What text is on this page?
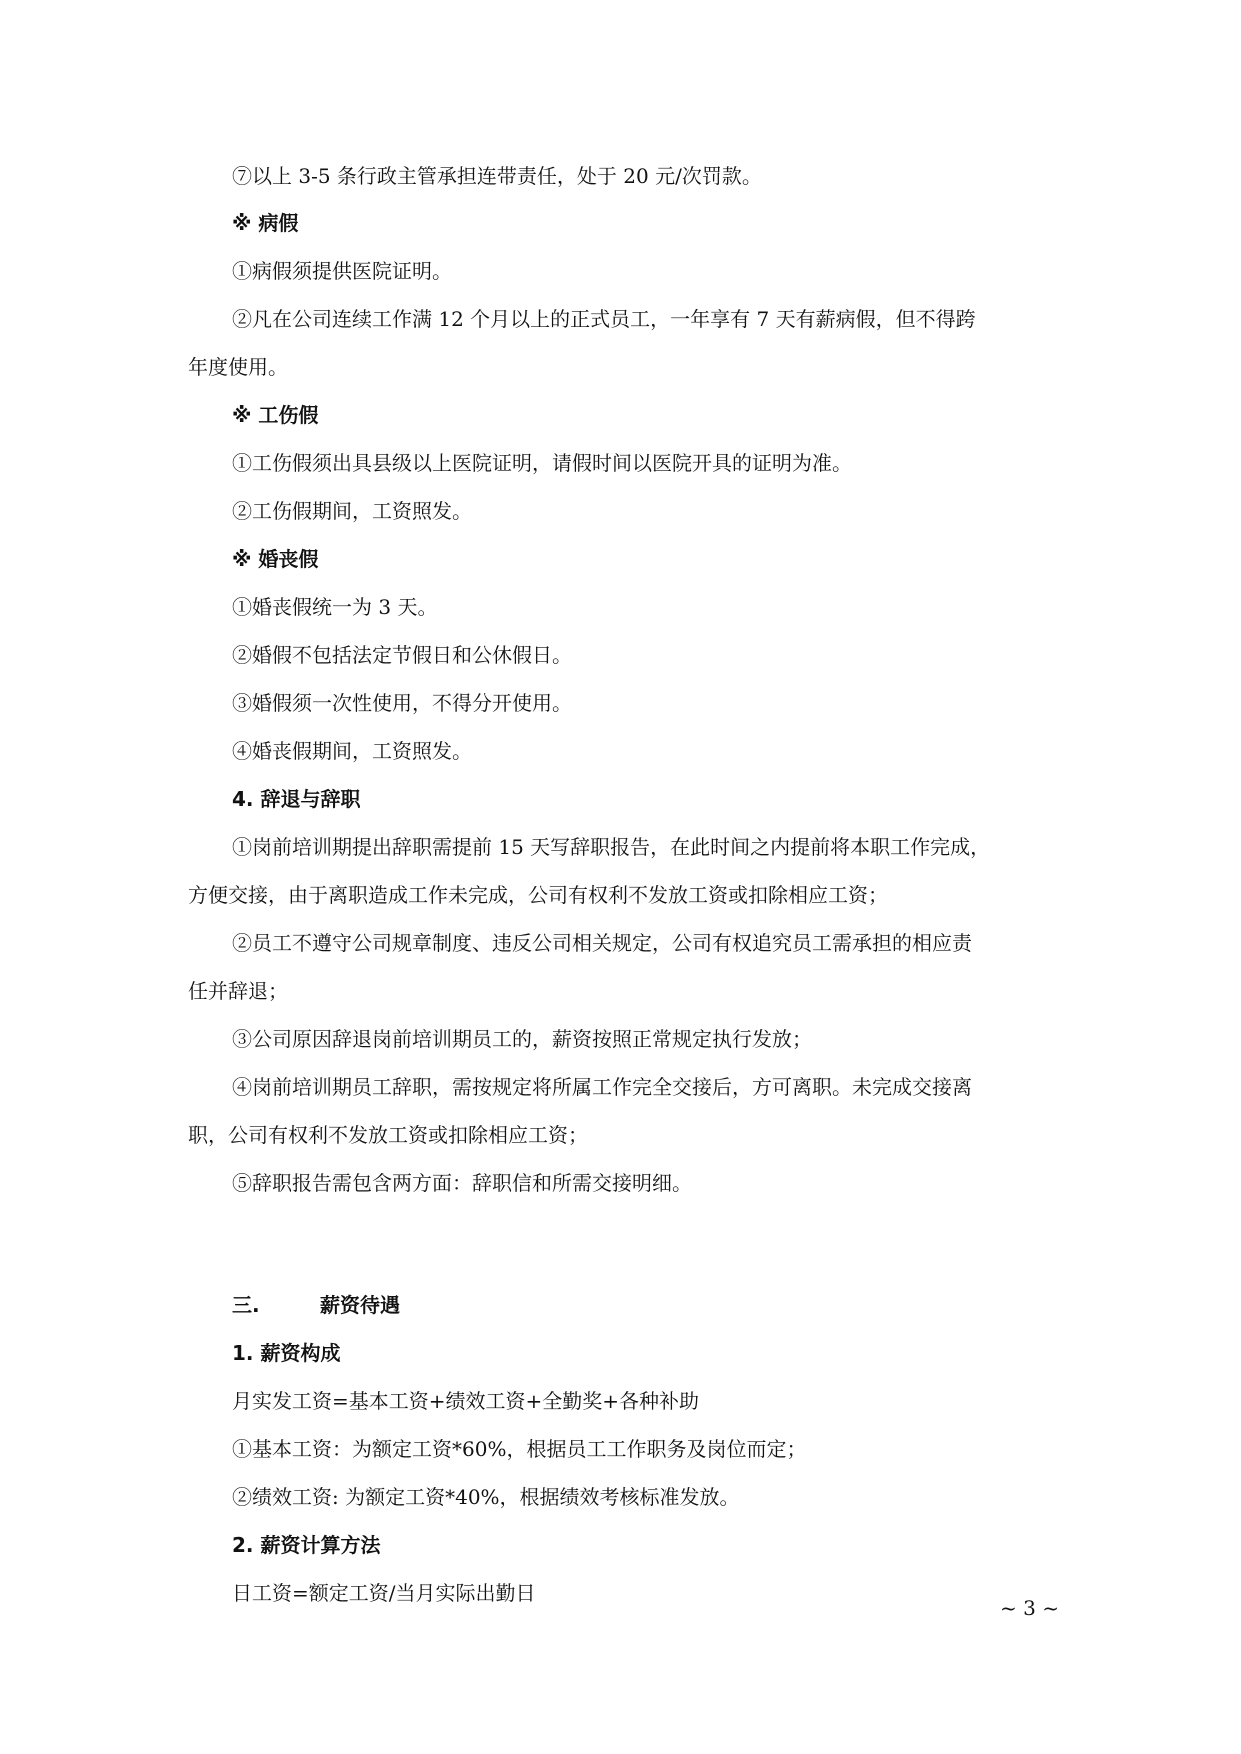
⑦以上 3-5 条行政主管承担连带责任，处于 20 元/次罚款。

※ 病假

①病假须提供医院证明。

②凡在公司连续工作满 12 个月以上的正式员工，一年享有 7 天有薪病假，但不得跨

年度使用。

※ 工伤假

①工伤假须出具县级以上医院证明，请假时间以医院开具的证明为准。

②工伤假期间，工资照发。

※ 婚丧假

①婚丧假统一为 3 天。

②婚假不包括法定节假日和公休假日。

③婚假须一次性使用，不得分开使用。

④婚丧假期间，工资照发。

4. 辞退与辞职

①岗前培训期提出辞职需提前 15 天写辞职报告，在此时间之内提前将本职工作完成，

方便交接，由于离职造成工作未完成，公司有权利不发放工资或扣除相应工资；

②员工不遵守公司规章制度、违反公司相关规定，公司有权追究员工需承担的相应责

任并辞退；

③公司原因辞退岗前培训期员工的，薪资按照正常规定执行发放；

④岗前培训期员工辞职，需按规定将所属工作完全交接后，方可离职。未完成交接离

职，公司有权利不发放工资或扣除相应工资；

⑤辞职报告需包含两方面：辞职信和所需交接明细。

三.	薪资待遇

1. 薪资构成

月实发工资=基本工资+绩效工资+全勤奖+各种补助

①基本工资：为额定工资*60%，根据员工工作职务及岗位而定；

②绩效工资: 为额定工资*40%，根据绩效考核标准发放。

2. 薪资计算方法

日工资=额定工资/当月实际出勤日

~ 3 ~
